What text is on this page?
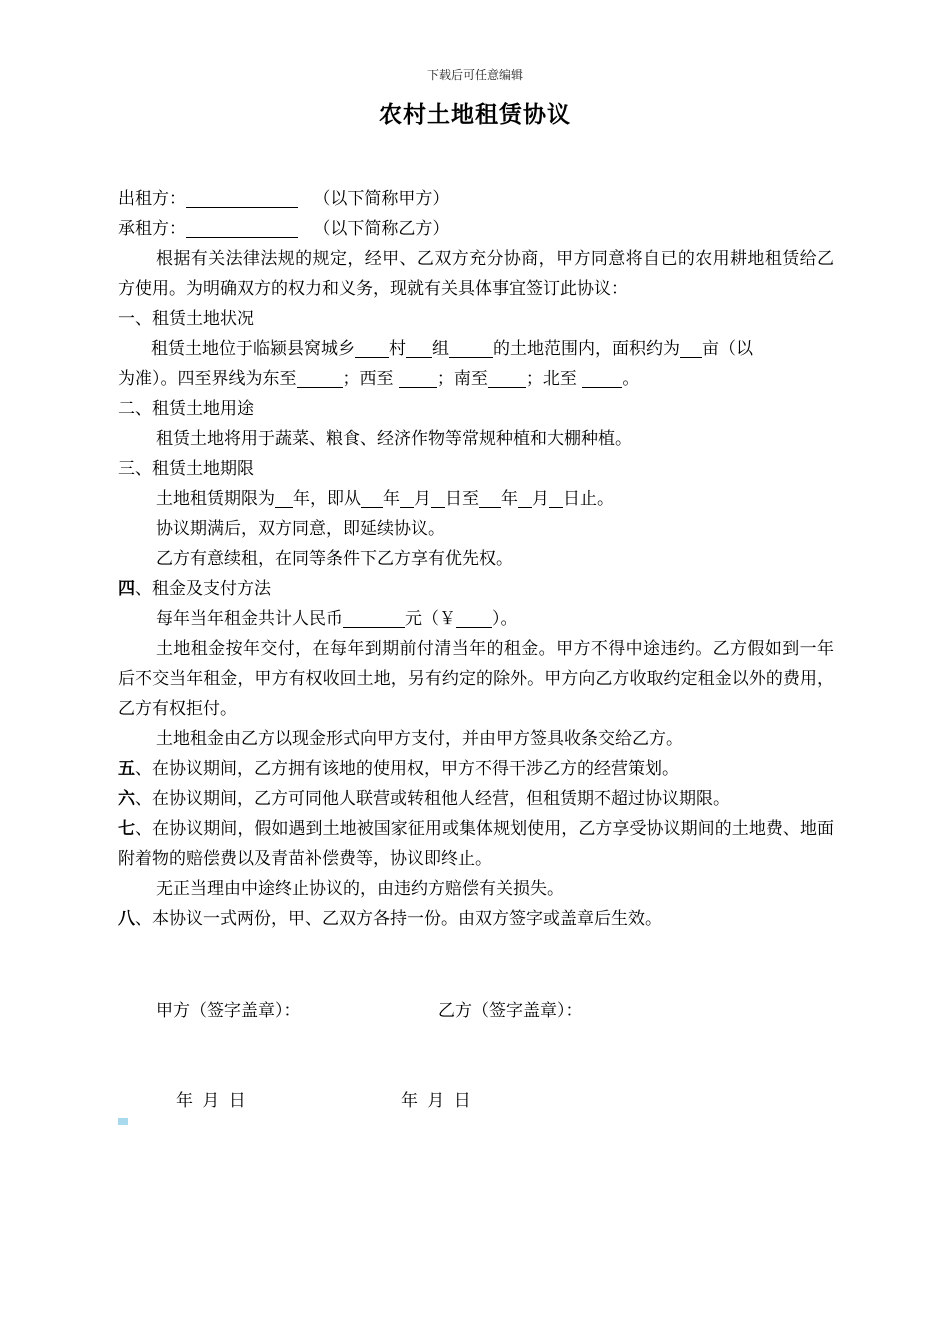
下载后可任意编辑
农村土地租赁协议
出租方：	（以下简称甲方）
承租方：	（以下简称乙方）
根据有关法律法规的规定，经甲、乙双方充分协商，甲方同意将自已的农用耕地租赁给乙方使用。为明确双方的权力和义务，现就有关具体事宜签订此协议：
一、租赁土地状况
租赁土地位于临颍县窝城乡 村 组	的土地范围内，面积约为 亩（以
为准）。四至界线为东至	；西至 ；南至 ；北至 。
二、租赁土地用途
租赁土地将用于蔬菜、粮食、经济作物等常规种植和大棚种植。
三、租赁土地期限
土地租赁期限为 年，即从 年 月 日至 年 月 日止。
协议期满后，双方同意，即延续协议。
乙方有意续租，在同等条件下乙方享有优先权。
四、租金及支付方法
每年当年租金共计人民币	元（￥ ）。
土地租金按年交付，在每年到期前付清当年的租金。甲方不得中途违约。乙方假如到一年后不交当年租金，甲方有权收回土地，另有约定的除外。甲方向乙方收取约定租金以外的费用，乙方有权拒付。
土地租金由乙方以现金形式向甲方支付，并由甲方签具收条交给乙方。
五、在协议期间，乙方拥有该地的使用权，甲方不得干涉乙方的经营策划。
六、在协议期间，乙方可同他人联营或转租他人经营，但租赁期不超过协议期限。
七、在协议期间，假如遇到土地被国家征用或集体规划使用，乙方享受协议期间的土地费、地面附着物的赔偿费以及青苗补偿费等，协议即终止。
无正当理由中途终止协议的，由违约方赔偿有关损失。
八、本协议一式两份，甲、乙双方各持一份。由双方签字或盖章后生效。
甲方（签字盖章）：	乙方（签字盖章）：
年 月 日	年 月 日
